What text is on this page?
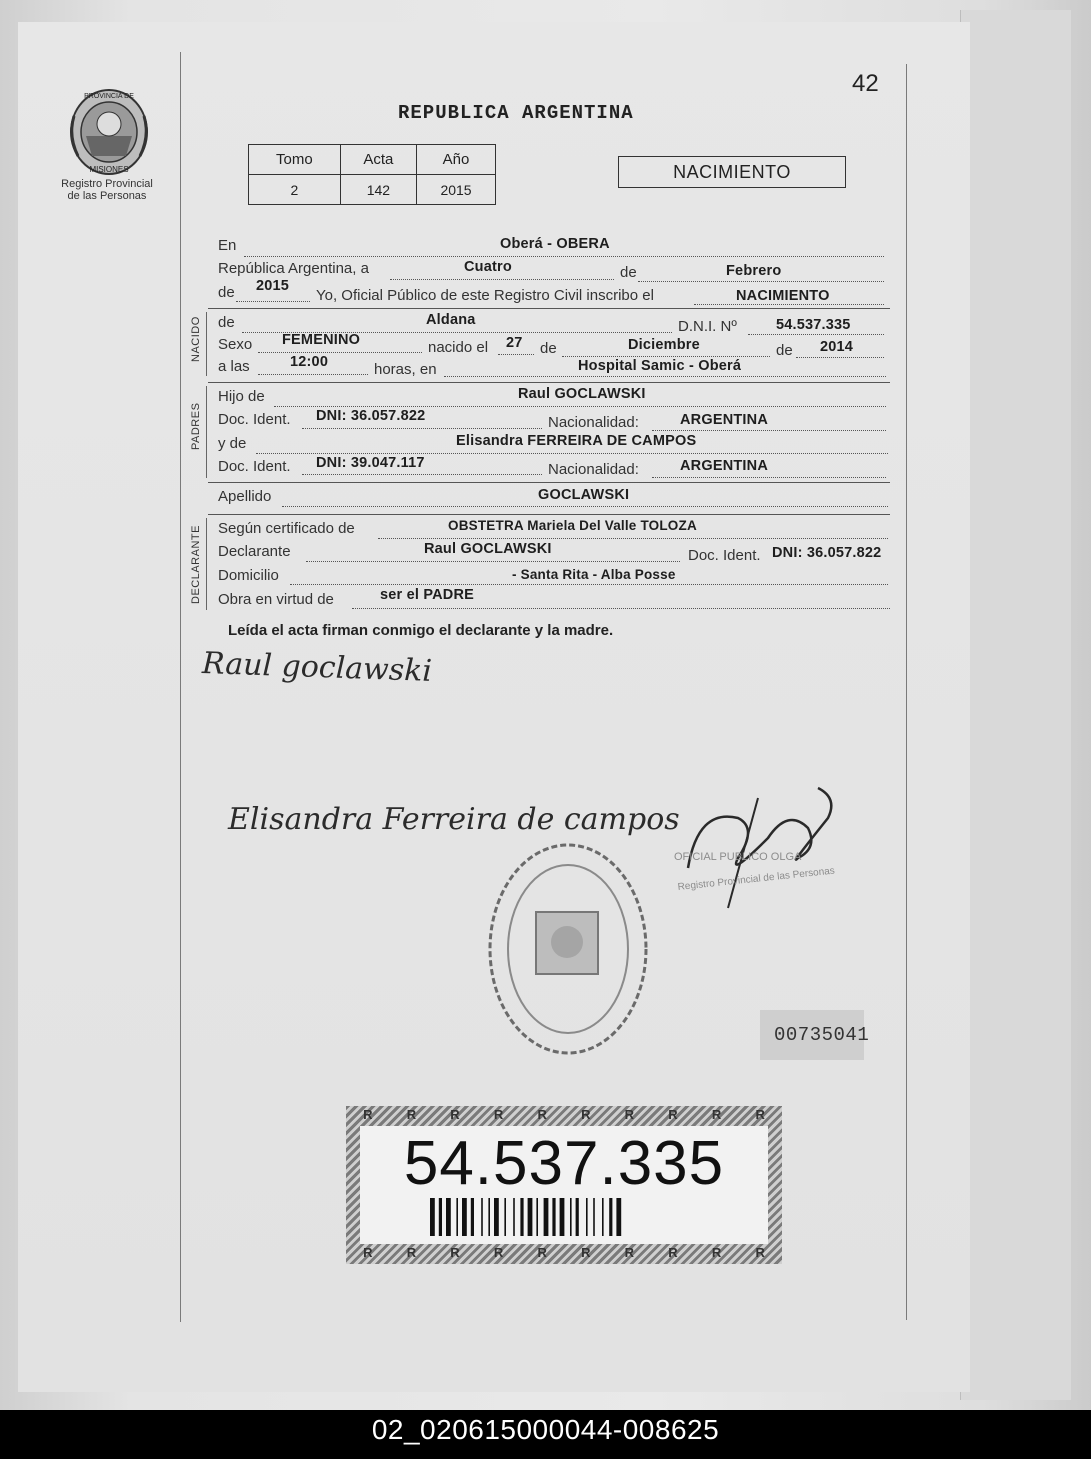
PROVINCIA DE
MISIONES
Registro Provincial
de las Personas
42
REPUBLICA ARGENTINA
Tomo	Acta	Año
2	142	2015
NACIMIENTO
En	Oberá - OBERA
República Argentina, a	Cuatro	de	Febrero
de 2015
Yo, Oficial Público de este Registro Civil inscribo el	NACIMIENTO
NACIDO de	Aldana	D.N.I. Nº	54.537.335
Sexo FEMENINO	nacido el 27 de	Diciembre	de 2014
a las	12:00	horas, en	Hospital Samic - Oberá
PADRES
Hijo de	Raul GOCLAWSKI
Doc. Ident. DNI: 36.057.822	Nacionalidad:	ARGENTINA
y de	Elisandra FERREIRA DE CAMPOS
Doc. Ident. DNI: 39.047.117	Nacionalidad:	ARGENTINA
Apellido	GOCLAWSKI
DECLARANTE Según certificado de	OBSTETRA Mariela Del Valle TOLOZA
Declarante	Raul GOCLAWSKI	Doc. Ident. DNI: 36.057.822
Domicilio	- Santa Rita - Alba Posse
Obra en virtud de	ser el PADRE
Leída el acta firman conmigo el declarante y la madre.
Raul goclawski
Elisandra Ferreira de campos
OFICIAL PUBLICO OLGA
Registro Provincial de las Personas
00735041
R	R	R	R	R	R	R	R	R	R
54.537.335
R	R	R	R	R	R	R	R	R	R
02_020615000044-008625
